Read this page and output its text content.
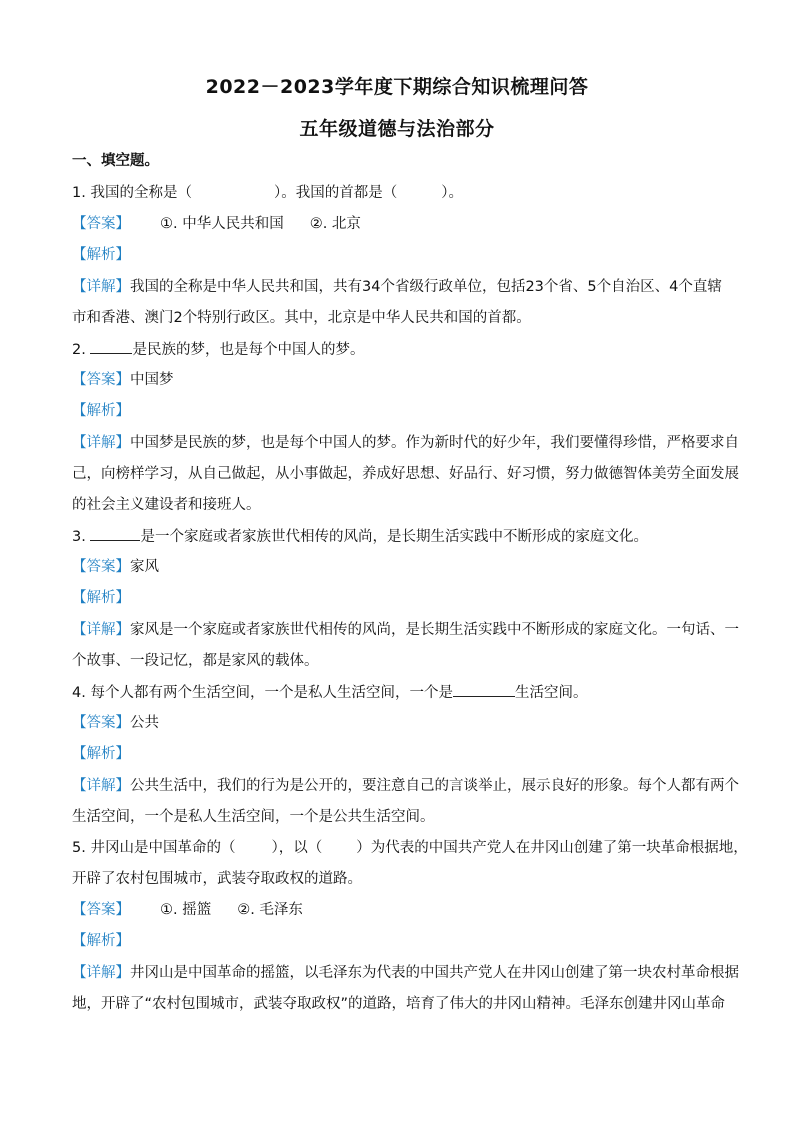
2022－2023学年度下期综合知识梳理问答
五年级道德与法治部分
一、填空题。
1. 我国的全称是（	）。我国的首都是（	）。
【答案】 ①. 中华人民共和国 ②. 北京
【解析】
【详解】我国的全称是中华人民共和国，共有34个省级行政单位，包括23个省、5个自治区、4个直辖
市和香港、澳门2个特别行政区。其中，北京是中华人民共和国的首都。
2.	是民族的梦，也是每个中国人的梦。
【答案】中国梦
【解析】
【详解】中国梦是民族的梦，也是每个中国人的梦。作为新时代的好少年，我们要懂得珍惜，严格要求自
己，向榜样学习，从自己做起，从小事做起，养成好思想、好品行、好习惯，努力做德智体美劳全面发展
的社会主义建设者和接班人。
3.	是一个家庭或者家族世代相传的风尚，是长期生活实践中不断形成的家庭文化。
【答案】家风
【解析】
【详解】家风是一个家庭或者家族世代相传的风尚，是长期生活实践中不断形成的家庭文化。一句话、一
个故事、一段记忆，都是家风的载体。
4. 每个人都有两个生活空间，一个是私人生活空间，一个是	生活空间。
【答案】公共
【解析】
【详解】公共生活中，我们的行为是公开的，要注意自己的言谈举止，展示良好的形象。每个人都有两个
生活空间，一个是私人生活空间，一个是公共生活空间。
5. 井冈山是中国革命的（ ），以（ ）为代表的中国共产党人在井冈山创建了第一块革命根据地，
开辟了农村包围城市，武装夺取政权的道路。
【答案】 ①. 摇篮 ②. 毛泽东
【解析】
【详解】井冈山是中国革命的摇篮，以毛泽东为代表的中国共产党人在井冈山创建了第一块农村革命根据
地，开辟了“农村包围城市，武装夺取政权”的道路，培育了伟大的井冈山精神。毛泽东创建井冈山革命
